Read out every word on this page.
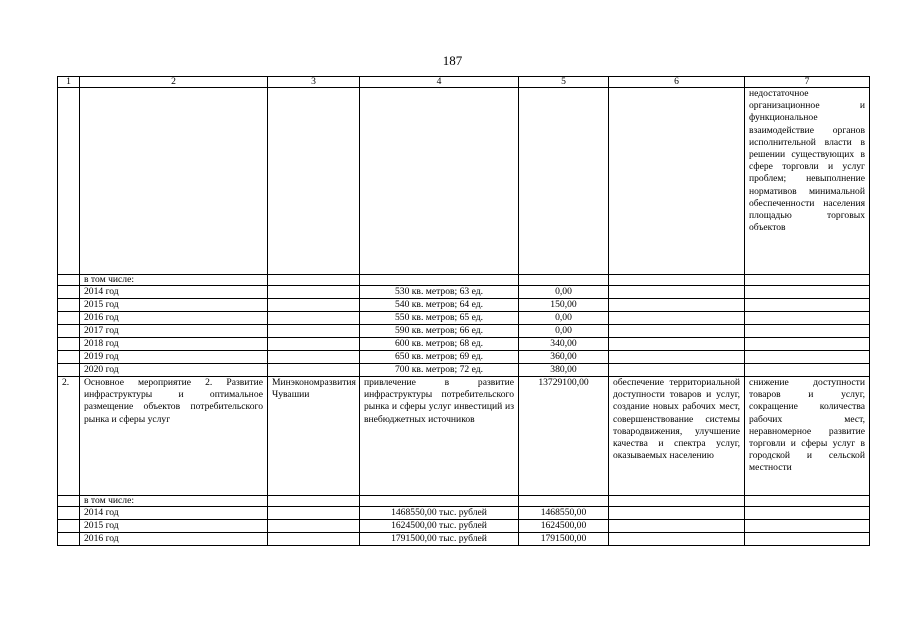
187
1	2	3	4	5	6	7
						недостаточное организационное и функциональное взаимодействие органов исполнительной власти в решении существующих в сфере торговли и услуг проблем; невыполнение нормативов минимальной обеспеченности населения площадью торговых объектов
	в том числе:					
	2014 год		530 кв. метров; 63 ед.	0,00		
	2015 год		540 кв. метров; 64 ед.	150,00		
	2016 год		550 кв. метров; 65 ед.	0,00		
	2017 год		590 кв. метров; 66 ед.	0,00		
	2018 год		600 кв. метров; 68 ед.	340,00		
	2019 год		650 кв. метров; 69 ед.	360,00		
	2020 год		700 кв. метров; 72 ед.	380,00		
2.	Основное мероприятие 2. Развитие инфраструктуры и оптимальное размещение объектов потребительского рынка и сферы услуг	Минэкономразвития Чувашии	привлечение в развитие инфраструктуры потребительского рынка и сферы услуг инвестиций из внебюджетных источников	13729100,00	обеспечение территориальной доступности товаров и услуг, создание новых рабочих мест, совершенствование системы товародвижения, улучшение качества и спектра услуг, оказываемых населению	снижение доступности товаров и услуг, сокращение количества рабочих мест, неравномерное развитие торговли и сферы услуг в городской и сельской местности
	в том числе:					
	2014 год		1468550,00 тыс. рублей	1468550,00		
	2015 год		1624500,00 тыс. рублей	1624500,00		
	2016 год		1791500,00 тыс. рублей	1791500,00		
